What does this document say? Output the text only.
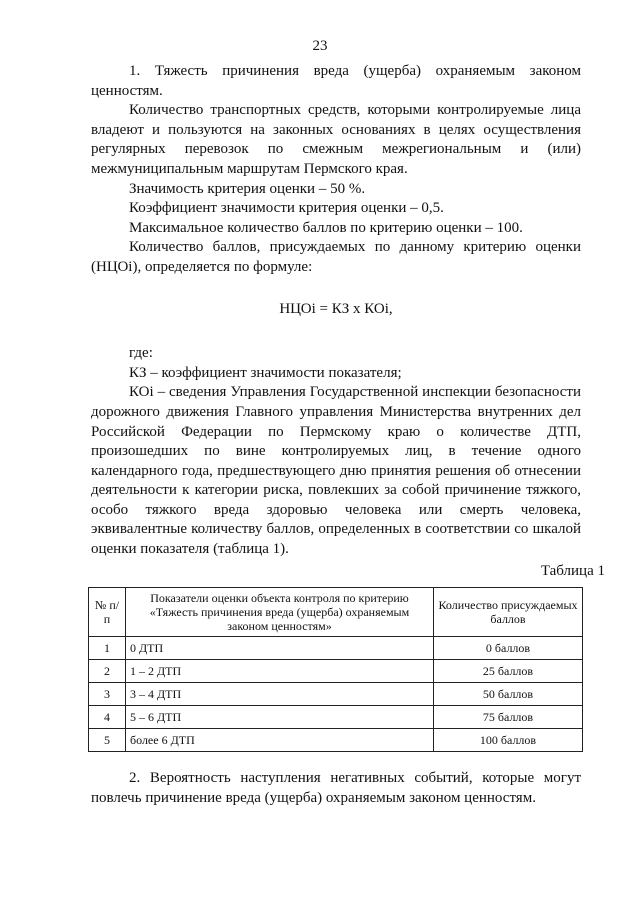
23

1. Тяжесть причинения вреда (ущерба) охраняемым законом ценностям.

Количество транспортных средств, которыми контролируемые лица владеют и пользуются на законных основаниях в целях осуществления регулярных перевозок по смежным межрегиональным и (или) межмуниципальным маршрутам Пермского края.

Значимость критерия оценки – 50 %.

Коэффициент значимости критерия оценки – 0,5.

Максимальное количество баллов по критерию оценки – 100.

Количество баллов, присуждаемых по данному критерию оценки (НЦОi), определяется по формуле:

НЦОi = КЗ х КОi,

где:

КЗ – коэффициент значимости показателя;

КОi – сведения Управления Государственной инспекции безопасности дорожного движения Главного управления Министерства внутренних дел Российской Федерации по Пермскому краю о количестве ДТП, произошедших по вине контролируемых лиц, в течение одного календарного года, предшествующего дню принятия решения об отнесении деятельности к категории риска, повлекших за собой причинение тяжкого, особо тяжкого вреда здоровью человека или смерть человека, эквивалентные количеству баллов, определенных в соответствии со шкалой оценки показателя (таблица 1).

Таблица 1
№ п/п	Показатели оценки объекта контроля по критерию «Тяжесть причинения вреда (ущерба) охраняемым законом ценностям»	Количество присуждаемых баллов
1	0 ДТП	0 баллов
2	1 – 2 ДТП	25 баллов
3	3 – 4 ДТП	50 баллов
4	5 – 6 ДТП	75 баллов
5	более 6 ДТП	100 баллов

2. Вероятность наступления негативных событий, которые могут повлечь причинение вреда (ущерба) охраняемым законом ценностям.
